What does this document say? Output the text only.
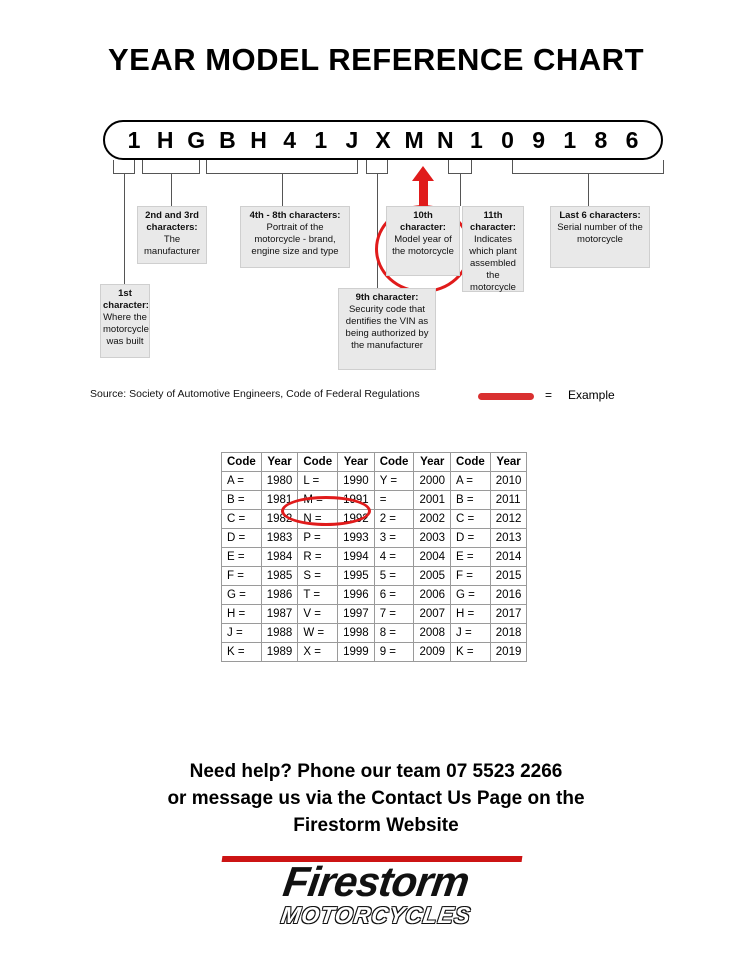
YEAR MODEL REFERENCE CHART
1 H G B H 4 1 J X M N 1 0 9 1 8 6
1st character:
Where the motorcycle was built
2nd and 3rd characters:
The manufacturer
4th - 8th characters:
Portrait of the motorcycle - brand, engine size and type
9th character:
Security code that dentifies the VIN as being authorized by the manufacturer
10th character:
Model year of the motorcycle
11th character:
Indicates which plant assembled the motorcycle
Last 6 characters:
Serial number of the motorcycle
Source: Society of Automotive Engineers, Code of Federal Regulations	= Example
Code	Year	Code	Year	Code	Year	Code	Year
A =	1980	L =	1990	Y =	2000	A =	2010
B =	1981	M =	1991	=	2001	B =	2011
C =	1982	N =	1992	2 =	2002	C =	2012
D =	1983	P =	1993	3 =	2003	D =	2013
E =	1984	R =	1994	4 =	2004	E =	2014
F =	1985	S =	1995	5 =	2005	F =	2015
G =	1986	T =	1996	6 =	2006	G =	2016
H =	1987	V =	1997	7 =	2007	H =	2017
J =	1988	W =	1998	8 =	2008	J =	2018
K =	1989	X =	1999	9 =	2009	K =	2019
Need help? Phone our team 07 5523 2266
or message us via the Contact Us Page on the
Firestorm Website
Firestorm
MOTORCYCLES
